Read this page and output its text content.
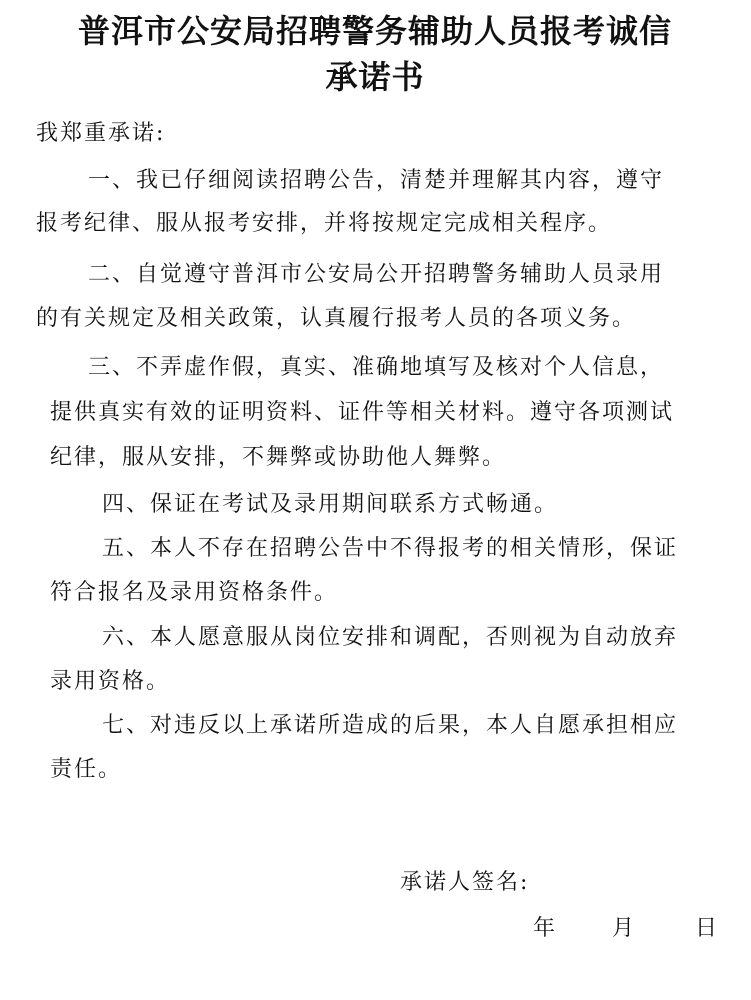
普洱市公安局招聘警务辅助人员报考诚信
承诺书
我郑重承诺:
一、我已仔细阅读招聘公告，清楚并理解其内容，遵守
报考纪律、服从报考安排，并将按规定完成相关程序。
二、自觉遵守普洱市公安局公开招聘警务辅助人员录用
的有关规定及相关政策，认真履行报考人员的各项义务。
三、不弄虚作假，真实、准确地填写及核对个人信息，
提供真实有效的证明资料、证件等相关材料。遵守各项测试
纪律，服从安排，不舞弊或协助他人舞弊。
四、保证在考试及录用期间联系方式畅通。
五、本人不存在招聘公告中不得报考的相关情形，保证
符合报名及录用资格条件。
六、本人愿意服从岗位安排和调配，否则视为自动放弃
录用资格。
七、对违反以上承诺所造成的后果，本人自愿承担相应
责任。
承诺人签名:
年 月	日
